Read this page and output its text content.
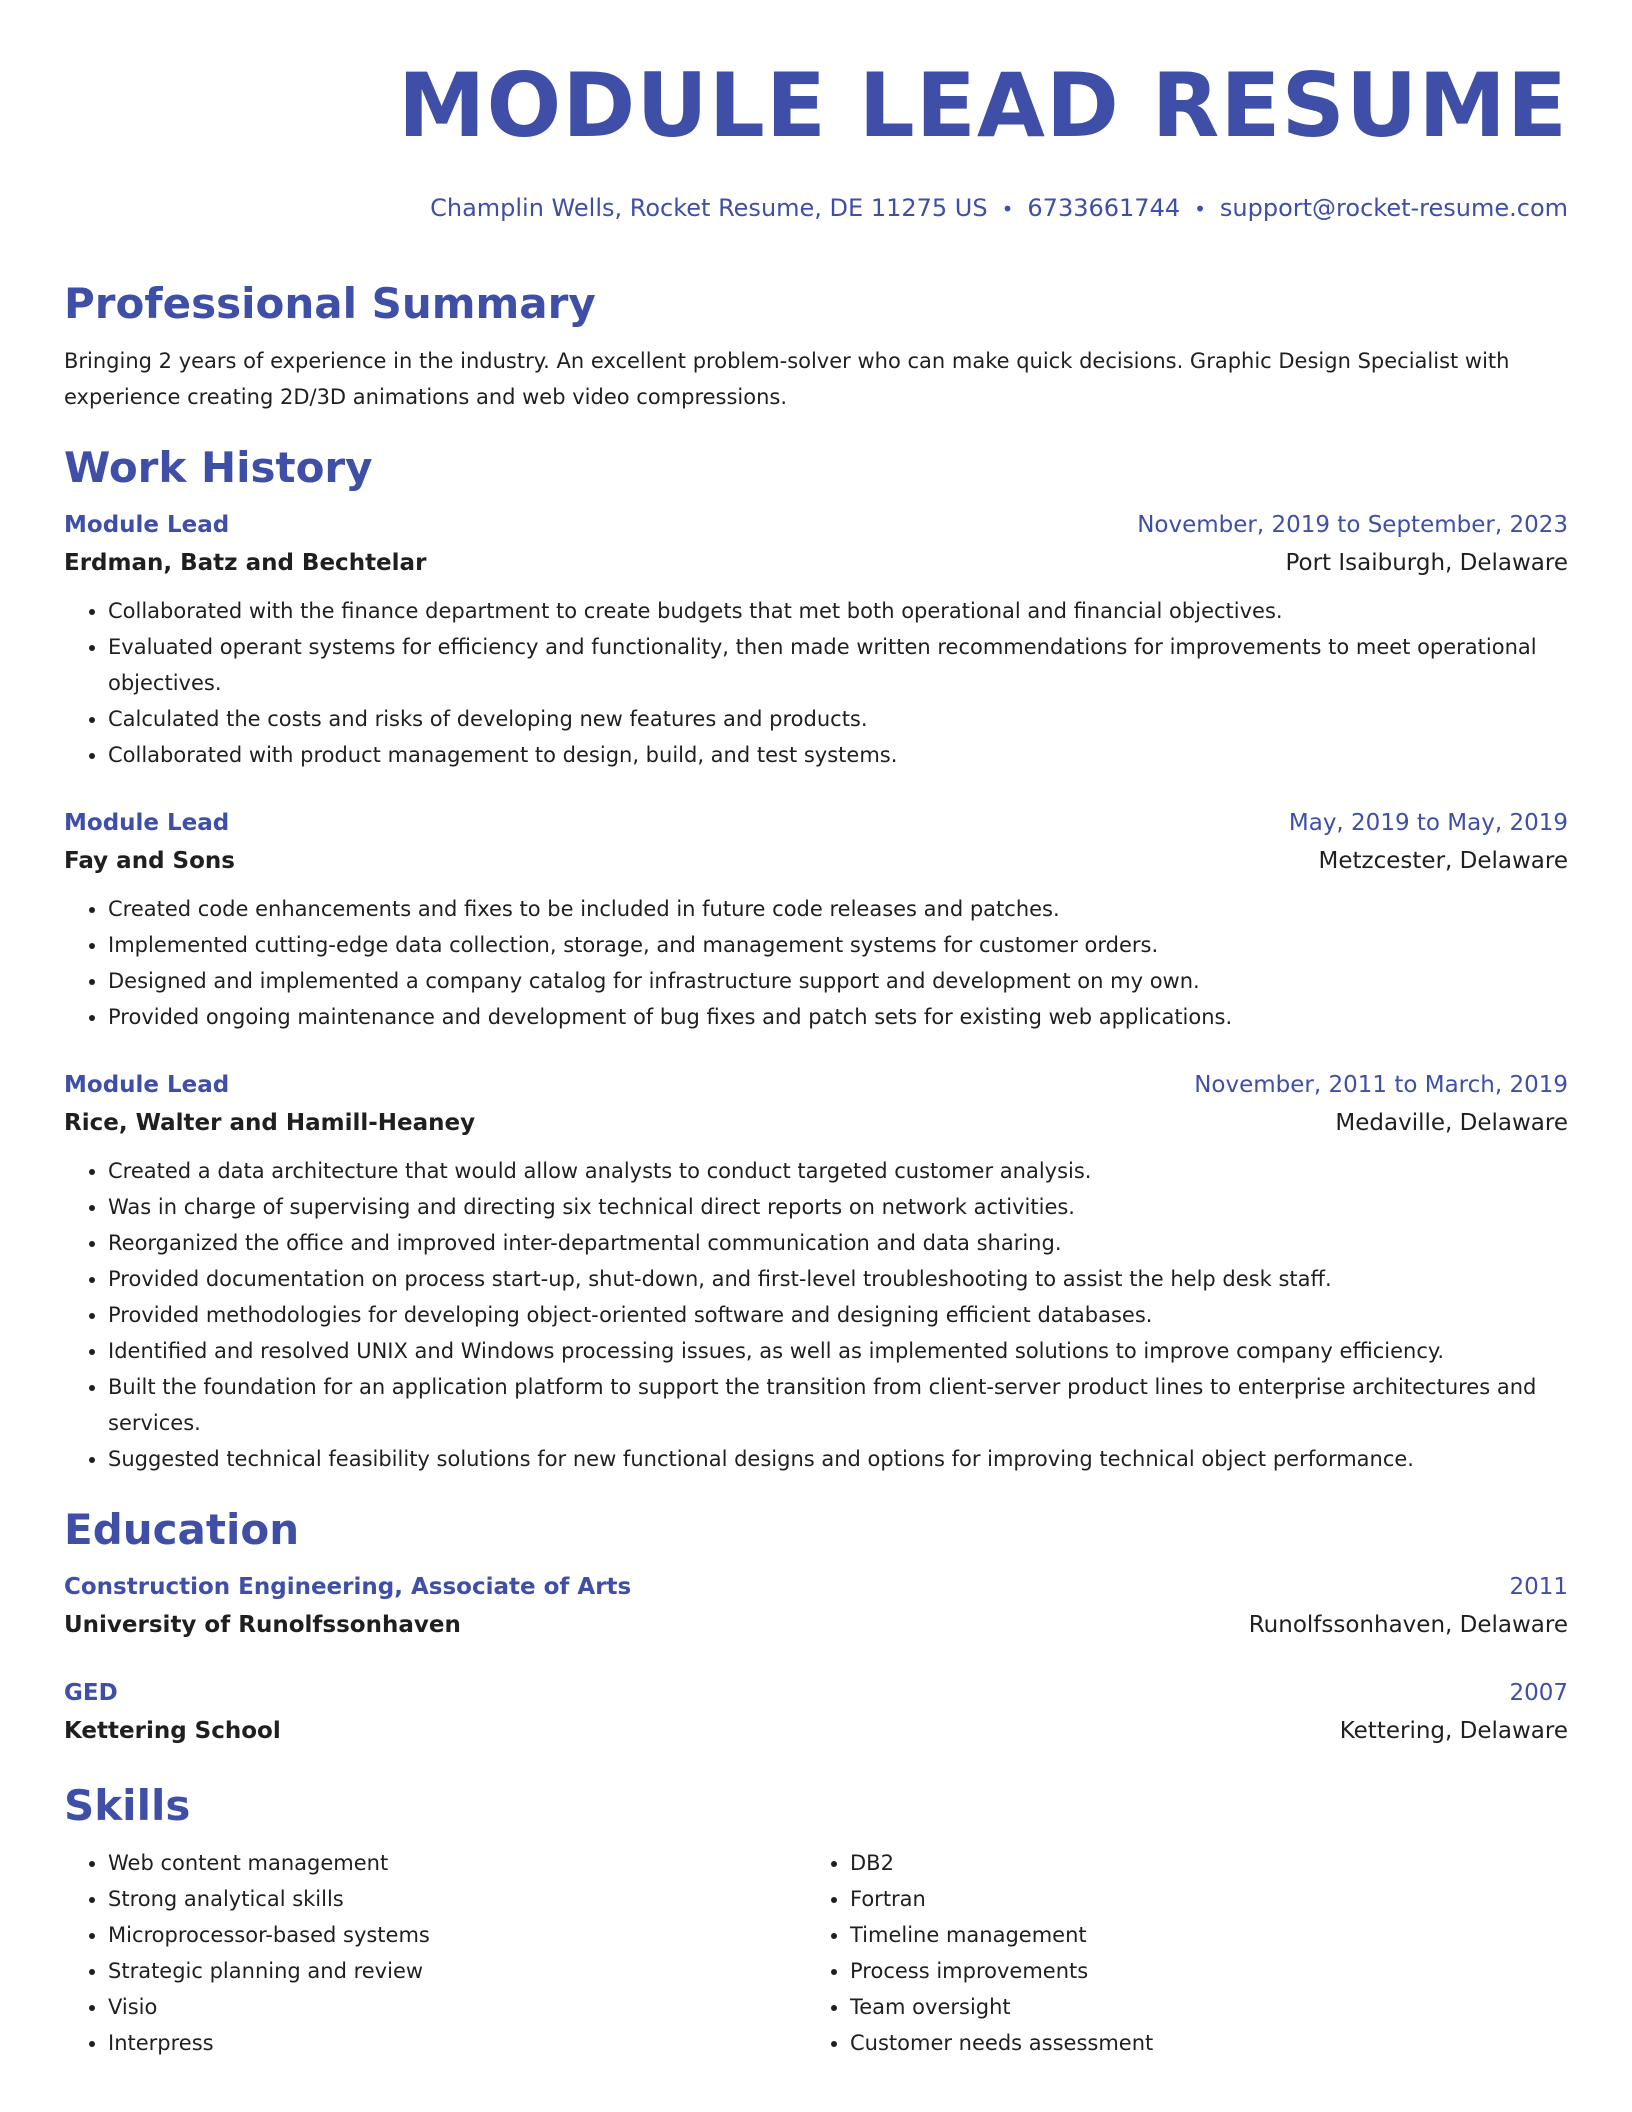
MODULE LEAD RESUME
Champlin Wells, Rocket Resume, DE 11275 US • 6733661744 • support@rocket-resume.com
Professional Summary
Bringing 2 years of experience in the industry. An excellent problem-solver who can make quick decisions. Graphic Design Specialist with experience creating 2D/3D animations and web video compressions.
Work History
Module Lead	November, 2019 to September, 2023
Erdman, Batz and Bechtelar	Port Isaiburgh, Delaware
• Collaborated with the finance department to create budgets that met both operational and financial objectives.
• Evaluated operant systems for efficiency and functionality, then made written recommendations for improvements to meet operational objectives.
• Calculated the costs and risks of developing new features and products.
• Collaborated with product management to design, build, and test systems.
Module Lead	May, 2019 to May, 2019
Fay and Sons	Metzcester, Delaware
• Created code enhancements and fixes to be included in future code releases and patches.
• Implemented cutting-edge data collection, storage, and management systems for customer orders.
• Designed and implemented a company catalog for infrastructure support and development on my own.
• Provided ongoing maintenance and development of bug fixes and patch sets for existing web applications.
Module Lead	November, 2011 to March, 2019
Rice, Walter and Hamill-Heaney	Medaville, Delaware
• Created a data architecture that would allow analysts to conduct targeted customer analysis.
• Was in charge of supervising and directing six technical direct reports on network activities.
• Reorganized the office and improved inter-departmental communication and data sharing.
• Provided documentation on process start-up, shut-down, and first-level troubleshooting to assist the help desk staff.
• Provided methodologies for developing object-oriented software and designing efficient databases.
• Identified and resolved UNIX and Windows processing issues, as well as implemented solutions to improve company efficiency.
• Built the foundation for an application platform to support the transition from client-server product lines to enterprise architectures and services.
• Suggested technical feasibility solutions for new functional designs and options for improving technical object performance.
Education
Construction Engineering, Associate of Arts	2011
University of Runolfssonhaven	Runolfssonhaven, Delaware
GED	2007
Kettering School	Kettering, Delaware
Skills
• Web content management
• Strong analytical skills
• Microprocessor-based systems
• Strategic planning and review
• Visio
• Interpress
• DB2
• Fortran
• Timeline management
• Process improvements
• Team oversight
• Customer needs assessment
